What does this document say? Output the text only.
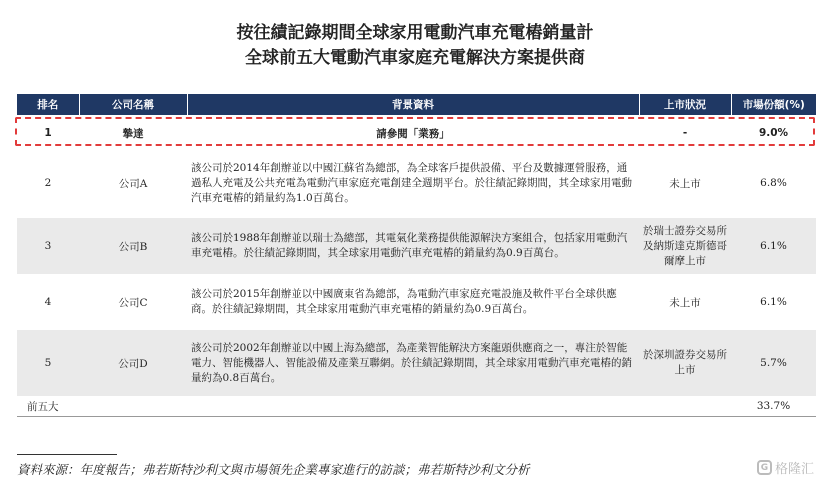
按往績記錄期間全球家用電動汽車充電樁銷量計
全球前五大電動汽車家庭充電解決方案提供商
排名	公司名稱	背景資料	上市狀況	市場份額(%)

1	摯達	請參閱「業務」	-	9.0%
2	公司A	該公司於2014年創辦並以中國江蘇省為總部，為全球客戶提供設備、平台及數據運營服務，通過私人充電及公共充電為電動汽車家庭充電創建全週期平台。於往績記錄期間，其全球家用電動汽車充電樁的銷量約為1.0百萬台。	未上市	6.8%
3	公司B	該公司於1988年創辦並以瑞士為總部，其電氣化業務提供能源解決方案組合，包括家用電動汽車充電樁。於往績記錄期間，其全球家用電動汽車充電樁的銷量約為0.9百萬台。	於瑞士證券交易所及納斯達克斯德哥爾摩上市	6.1%
4	公司C	該公司於2015年創辦並以中國廣東省為總部，為電動汽車家庭充電設施及軟件平台全球供應商。於往績記錄期間，其全球家用電動汽車充電樁的銷量約為0.9百萬台。	未上市	6.1%
5	公司D	該公司於2002年創辦並以中國上海為總部，為產業智能解決方案龍頭供應商之一，專注於智能電力、智能機器人、智能設備及產業互聯網。於往績記錄期間，其全球家用電動汽車充電樁的銷量約為0.8百萬台。	於深圳證券交易所上市	5.7%
前五大				33.7%
資料來源：年度報告；弗若斯特沙利文與市場領先企業專家進行的訪談；弗若斯特沙利文分析	G 格隆汇
